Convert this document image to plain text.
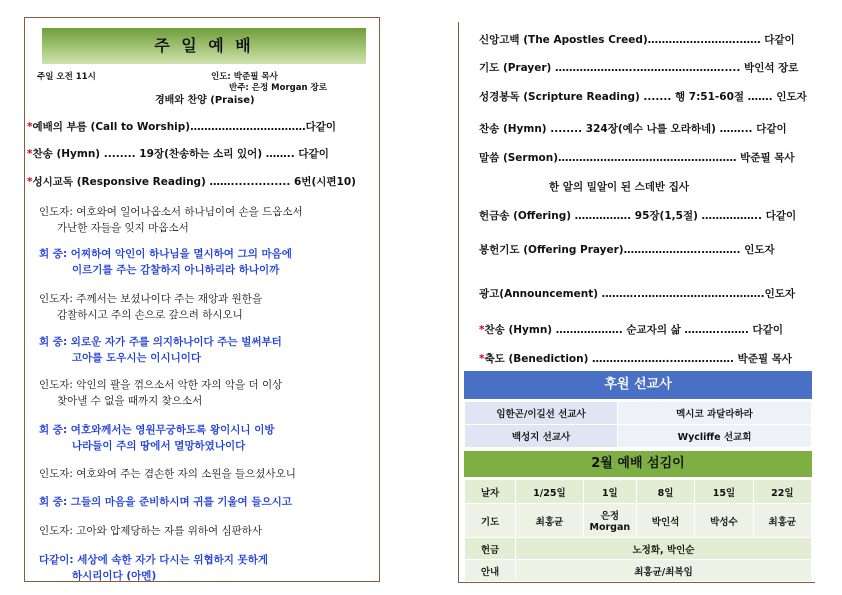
주 일 예 배
주일 오전 11시	인도: 박준필 목사
반주: 은정 Morgan 장로
경배와 찬양 (Praise)
*예배의 부름 (Call to Worship)……………………………다같이
*찬송 (Hymn) ........ 19장(찬송하는 소리 있어) …….. 다같이
*성시교독 (Responsive Reading) ……............... 6번(시편10)
인도자: 여호와여 일어나옵소서 하나님이여 손을 드옵소서
가난한 자들을 잊지 마옵소서
회 중: 어찌하여 악인이 하나님을 멸시하여 그의 마음에
이르기를 주는 감찰하지 아니하리라 하나이까
인도자: 주께서는 보셨나이다 주는 재앙과 원한을
감찰하시고 주의 손으로 갚으려 하시오니
회 중: 외로운 자가 주를 의지하나이다 주는 벌써부터
고아를 도우시는 이시니이다
인도자: 악인의 팔을 꺾으소서 악한 자의 악을 더 이상
찾아낼 수 없을 때까지 찾으소서
회 중: 여호와께서는 영원무궁하도록 왕이시니 이방
나라들이 주의 땅에서 멸망하였나이다
인도자: 여호와여 주는 겸손한 자의 소원을 들으셨사오니
회 중: 그들의 마음을 준비하시며 귀를 기울여 들으시고
인도자: 고아와 압제당하는 자를 위하여 심판하사
다같이: 세상에 속한 자가 다시는 위협하지 못하게
하시리이다 (아멘)
신앙고백 (The Apostles Creed)…………….……….…… 다같이
기도 (Prayer) …………………..……………………..... 박인석 장로
성경봉독 (Scripture Reading) ....... 행 7:51-60절 ……. 인도자
찬송 (Hymn) ........ 324장(예수 나를 오라하네) ……... 다같이
말씀 (Sermon)…………………………………………… 박준필 목사
한 알의 밀알이 된 스데반 집사
헌금송 (Offering) ……………. 95장(1,5절) …………….. 다같이
봉헌기도 (Offering Prayer)…………………..………. 인도자
광고(Announcement) ………..…………………….……….인도자
*찬송 (Hymn) ………………. 순교자의 삶 ………..……. 다같이
*축도 (Benediction) …………………..……….……. 박준필 목사
후원 선교사
임한곤/이길선 선교사	멕시코 과달라하라
백성지 선교사	Wycliffe 선교회
2월 예배 섬김이
날자	1/25일	1일	8일	15일	22일
기도	최홍균	은정 Morgan	박인석	박성수	최홍균
헌금	노정화, 박인순				
안내	최홍균/최복임				
